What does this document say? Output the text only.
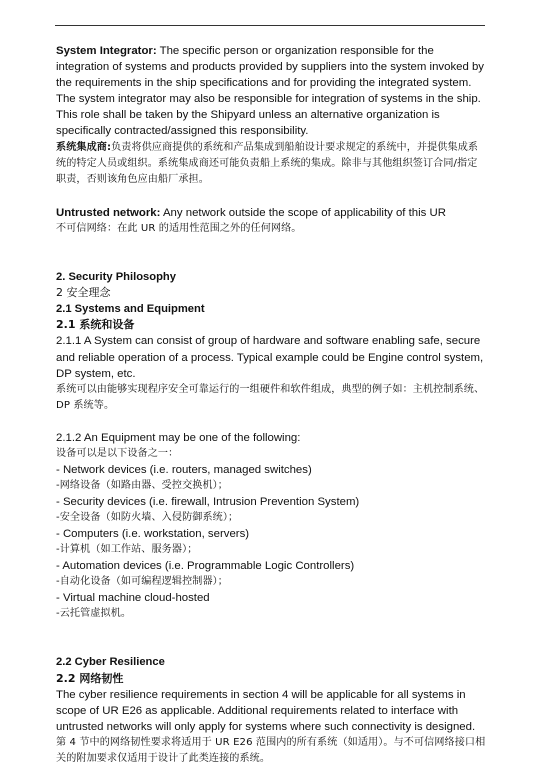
System Integrator: The specific person or organization responsible for the integration of systems and products provided by suppliers into the system invoked by the requirements in the ship specifications and for providing the integrated system. The system integrator may also be responsible for integration of systems in the ship. This role shall be taken by the Shipyard unless an alternative organization is specifically contracted/assigned this responsibility.

系统集成商:负责将供应商提供的系统和产品集成到船舶设计要求规定的系统中，并提供集成系统的特定人员或组织。系统集成商还可能负责船上系统的集成。除非与其他组织签订合同/指定职责，否则该角色应由船厂承担。

Untrusted network: Any network outside the scope of applicability of this UR

不可信网络：在此 UR 的适用性范围之外的任何网络。

2. Security Philosophy

2 安全理念

2.1 Systems and Equipment

2.1 系统和设备

2.1.1 A System can consist of group of hardware and software enabling safe, secure and reliable operation of a process. Typical example could be Engine control system, DP system, etc.

系统可以由能够实现程序安全可靠运行的一组硬件和软件组成，典型的例子如：主机控制系统、DP 系统等。

2.1.2 An Equipment may be one of the following:

设备可以是以下设备之一：

- Network devices (i.e. routers, managed switches)

-网络设备（如路由器、受控交换机）；

- Security devices (i.e. firewall, Intrusion Prevention System)

-安全设备（如防火墙、入侵防御系统）；

- Computers (i.e. workstation, servers)

-计算机（如工作站、服务器）；

- Automation devices (i.e. Programmable Logic Controllers)

-自动化设备（如可编程逻辑控制器）；

- Virtual machine cloud-hosted

-云托管虚拟机。

2.2 Cyber Resilience

2.2 网络韧性

The cyber resilience requirements in section 4 will be applicable for all systems in scope of UR E26 as applicable. Additional requirements related to interface with untrusted networks will only apply for systems where such connectivity is designed.

第 4 节中的网络韧性要求将适用于 UR E26 范围内的所有系统（如适用）。与不可信网络接口相关的附加要求仅适用于设计了此类连接的系统。
